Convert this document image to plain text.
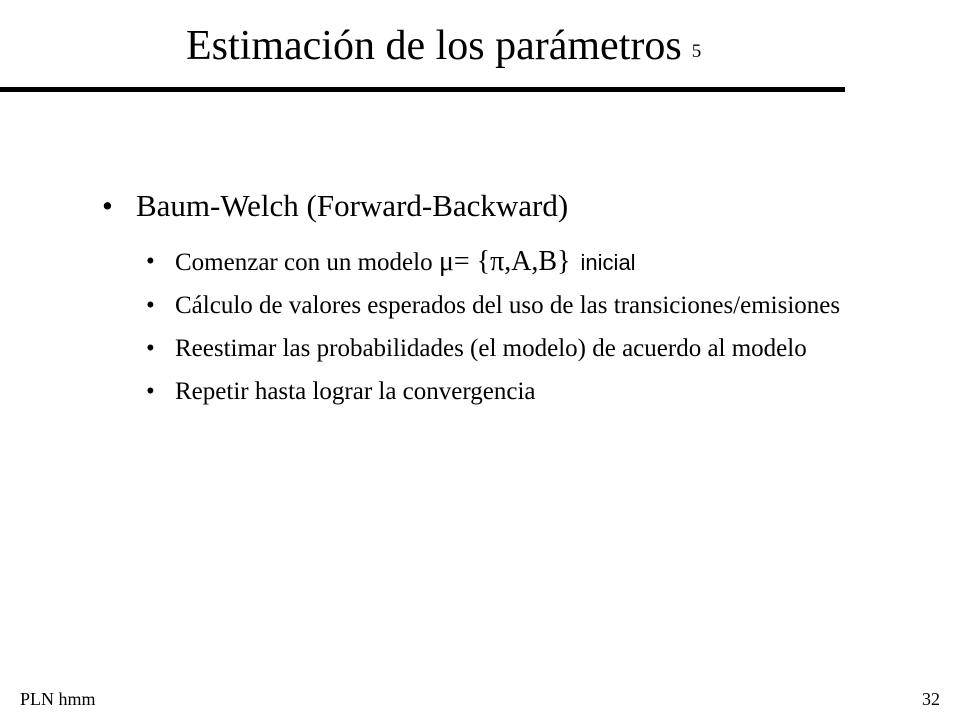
Estimación de los parámetros 5
• Baum-Welch (Forward-Backward)
• Comenzar con un modelo μ= {π,A,B} inicial
• Cálculo de valores esperados del uso de las transiciones/emisiones
• Reestimar las probabilidades (el modelo) de acuerdo al modelo
• Repetir hasta lograr la convergencia
PLN hmm	32
